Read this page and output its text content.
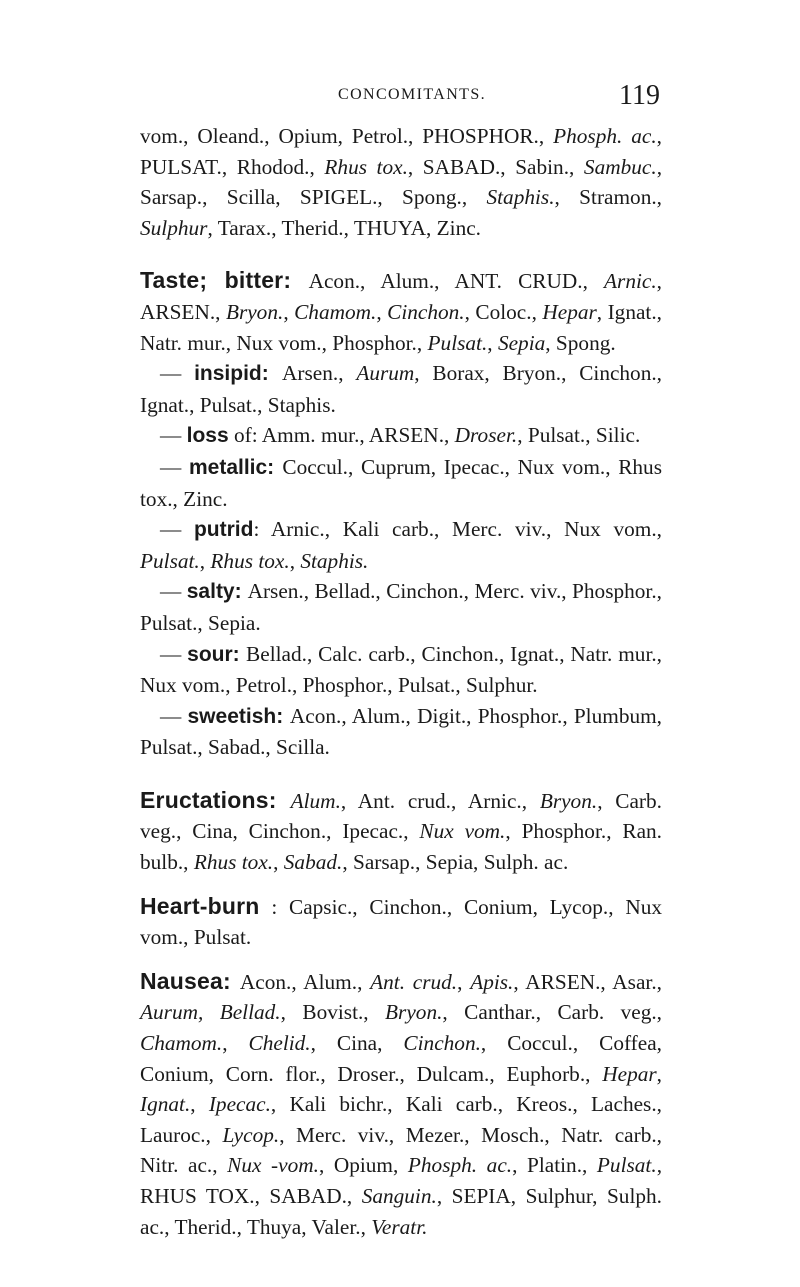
CONCOMITANTS.	119

vom., Oleand., Opium, Petrol., PHOSPHOR., Phosph. ac., PULSAT., Rhodod., Rhus tox., SABAD., Sabin., Sambuc., Sarsap., Scilla, SPIGEL., Spong., Staphis., Stramon., Sulphur, Tarax., Therid., THUYA, Zinc.

Taste; bitter: Acon., Alum., ANT. CRUD., Arnic., ARSEN., Bryon., Chamom., Cinchon., Coloc., Hepar, Ignat., Natr. mur., Nux vom., Phosphor., Pulsat., Sepia, Spong.

— insipid: Arsen., Aurum, Borax, Bryon., Cinchon., Ignat., Pulsat., Staphis.

— loss of: Amm. mur., ARSEN., Droser., Pulsat., Silic.

— metallic: Coccul., Cuprum, Ipecac., Nux vom., Rhus tox., Zinc.

— putrid: Arnic., Kali carb., Merc. viv., Nux vom., Pulsat., Rhus tox., Staphis.

— salty: Arsen., Bellad., Cinchon., Merc. viv., Phosphor., Pulsat., Sepia.

— sour: Bellad., Calc. carb., Cinchon., Ignat., Natr. mur., Nux vom., Petrol., Phosphor., Pulsat., Sulphur.

— sweetish: Acon., Alum., Digit., Phosphor., Plumbum, Pulsat., Sabad., Scilla.

Eructations: Alum., Ant. crud., Arnic., Bryon., Carb. veg., Cina, Cinchon., Ipecac., Nux vom., Phosphor., Ran. bulb., Rhus tox., Sabad., Sarsap., Sepia, Sulph. ac.

Heart-burn : Capsic., Cinchon., Conium, Lycop., Nux vom., Pulsat.

Nausea: Acon., Alum., Ant. crud., Apis., ARSEN., Asar., Aurum, Bellad., Bovist., Bryon., Canthar., Carb. veg., Chamom., Chelid., Cina, Cinchon., Coccul., Coffea, Conium, Corn. flor., Droser., Dulcam., Euphorb., Hepar, Ignat., Ipecac., Kali bichr., Kali carb., Kreos., Laches., Lauroc., Lycop., Merc. viv., Mezer., Mosch., Natr. carb., Nitr. ac., Nux -vom., Opium, Phosph. ac., Platin., Pulsat., RHUS TOX., SABAD., Sanguin., SEPIA, Sulphur, Sulph. ac., Therid., Thuya, Valer., Veratr.
